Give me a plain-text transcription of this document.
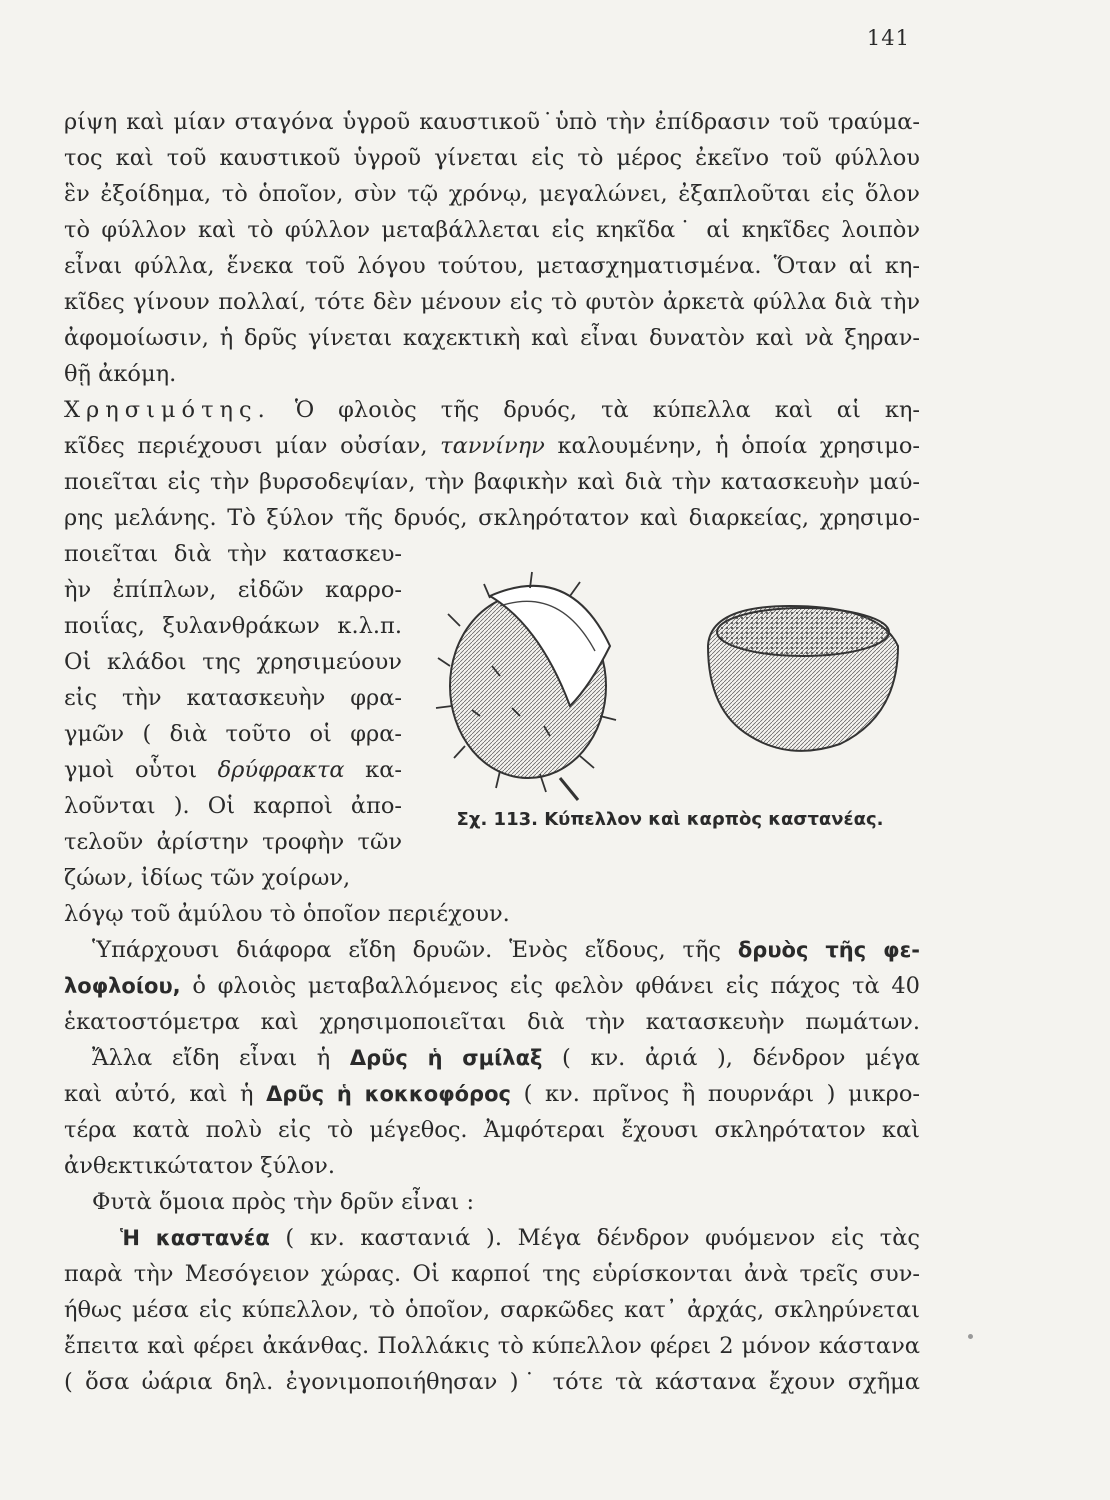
141
ρίψη καὶ μίαν σταγόνα ὑγροῦ καυστικοῦ˙ὑπὸ τὴν ἐπίδρασιν τοῦ τραύμα-
τος καὶ τοῦ καυστικοῦ ὑγροῦ γίνεται εἰς τὸ μέρος ἐκεῖνο τοῦ φύλλου
ἓν ἐξοίδημα, τὸ ὁποῖον, σὺν τῷ χρόνῳ, μεγαλώνει, ἐξαπλοῦται εἰς ὅλον
τὸ φύλλον καὶ τὸ φύλλον μεταβάλλεται εἰς κηκῖδα˙ αἱ κηκῖδες λοιπὸν
εἶναι φύλλα, ἕνεκα τοῦ λόγου τούτου, μετασχηματισμένα. Ὅταν αἱ κη-
κῖδες γίνουν πολλαί, τότε δὲν μένουν εἰς τὸ φυτὸν ἀρκετὰ φύλλα διὰ τὴν
ἀφομοίωσιν, ἡ δρῦς γίνεται καχεκτικὴ καὶ εἶναι δυνατὸν καὶ νὰ ξηραν-
θῇ ἀκόμη.
Χρησιμότης. Ὁ φλοιὸς τῆς δρυός, τὰ κύπελλα καὶ αἱ κη-
κῖδες περιέχουσι μίαν οὐσίαν, ταννίνην καλουμένην, ἡ ὁποία χρησιμο-
ποιεῖται εἰς τὴν βυρσοδεψίαν, τὴν βαφικὴν καὶ διὰ τὴν κατασκευὴν μαύ-
ρης μελάνης. Τὸ ξύλον τῆς δρυός, σκληρότατον καὶ διαρκείας, χρησιμο-
ποιεῖται διὰ τὴν κατασκευ-
ὴν ἐπίπλων, εἰδῶν καρρο-
ποιΐας, ξυλανθράκων κ.λ.π.
Οἱ κλάδοι της χρησιμεύουν
εἰς τὴν κατασκευὴν φρα-
γμῶν ( διὰ τοῦτο οἱ φρα-
γμοὶ οὗτοι δρύφρακτα κα-
λοῦνται ). Οἱ καρποὶ ἀπο-
τελοῦν ἀρίστην τροφὴν τῶν
ζώων, ἰδίως τῶν χοίρων,
λόγῳ τοῦ ἀμύλου τὸ ὁποῖον περιέχουν.
Σχ. 113. Κύπελλον καὶ καρπὸς καστανέας.
Ὑπάρχουσι διάφορα εἴδη δρυῶν. Ἑνὸς εἴδους, τῆς δρυὸς τῆς φε-
λοφλοίου, ὁ φλοιὸς μεταβαλλόμενος εἰς φελὸν φθάνει εἰς πάχος τὰ 40
ἑκατοστόμετρα καὶ χρησιμοποιεῖται διὰ τὴν κατασκευὴν πωμάτων.
Ἄλλα εἴδη εἶναι ἡ Δρῦς ἡ σμίλαξ ( κν. ἀριά ), δένδρον μέγα
καὶ αὐτό, καὶ ἡ Δρῦς ἡ κοκκοφόρος ( κν. πρῖνος ἢ πουρνάρι ) μικρο-
τέρα κατὰ πολὺ εἰς τὸ μέγεθος. Ἀμφότεραι ἔχουσι σκληρότατον καὶ
ἀνθεκτικώτατον ξύλον.
Φυτὰ ὅμοια πρὸς τὴν δρῦν εἶναι :
Ἡ καστανέα ( κν. καστανιά ). Μέγα δένδρον φυόμενον εἰς τὰς
παρὰ τὴν Μεσόγειον χώρας. Οἱ καρποί της εὑρίσκονται ἀνὰ τρεῖς συν-
ήθως μέσα εἰς κύπελλον, τὸ ὁποῖον, σαρκῶδες κατ᾽ ἀρχάς, σκληρύνεται
ἔπειτα καὶ φέρει ἀκάνθας. Πολλάκις τὸ κύπελλον φέρει 2 μόνον κάστανα
( ὅσα ὠάρια δηλ. ἐγονιμοποιήθησαν )˙ τότε τὰ κάστανα ἔχουν σχῆμα
